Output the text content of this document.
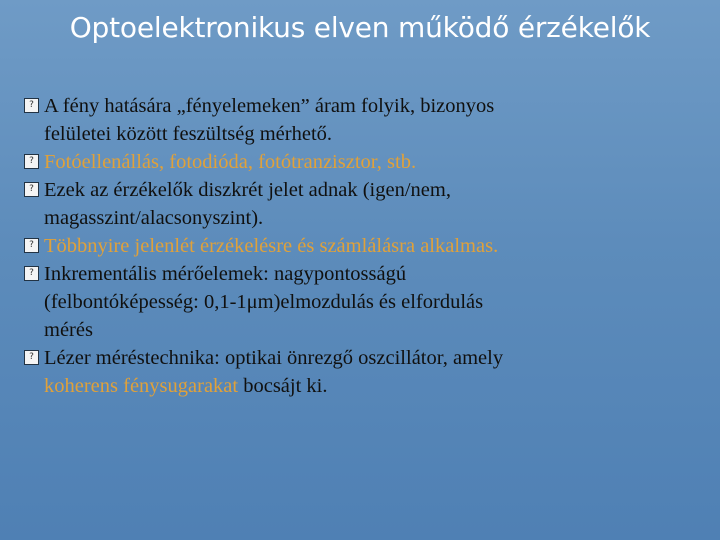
Optoelektronikus elven működő érzékelők
? A fény hatására „fényelemeken” áram folyik, bizonyos
felületei között feszültség mérhető.
? Fotóellenállás, fotodióda, fotótranzisztor, stb.
? Ezek az érzékelők diszkrét jelet adnak (igen/nem,
magasszint/alacsonyszint).
? Többnyire jelenlét érzékelésre és számlálásra alkalmas.
? Inkrementális mérőelemek: nagypontosságú
(felbontóképesség: 0,1-1μm)elmozdulás és elfordulás
mérés
? Lézer méréstechnika: optikai önrezgő oszcillátor, amely
koherens fénysugarakat bocsájt ki.
